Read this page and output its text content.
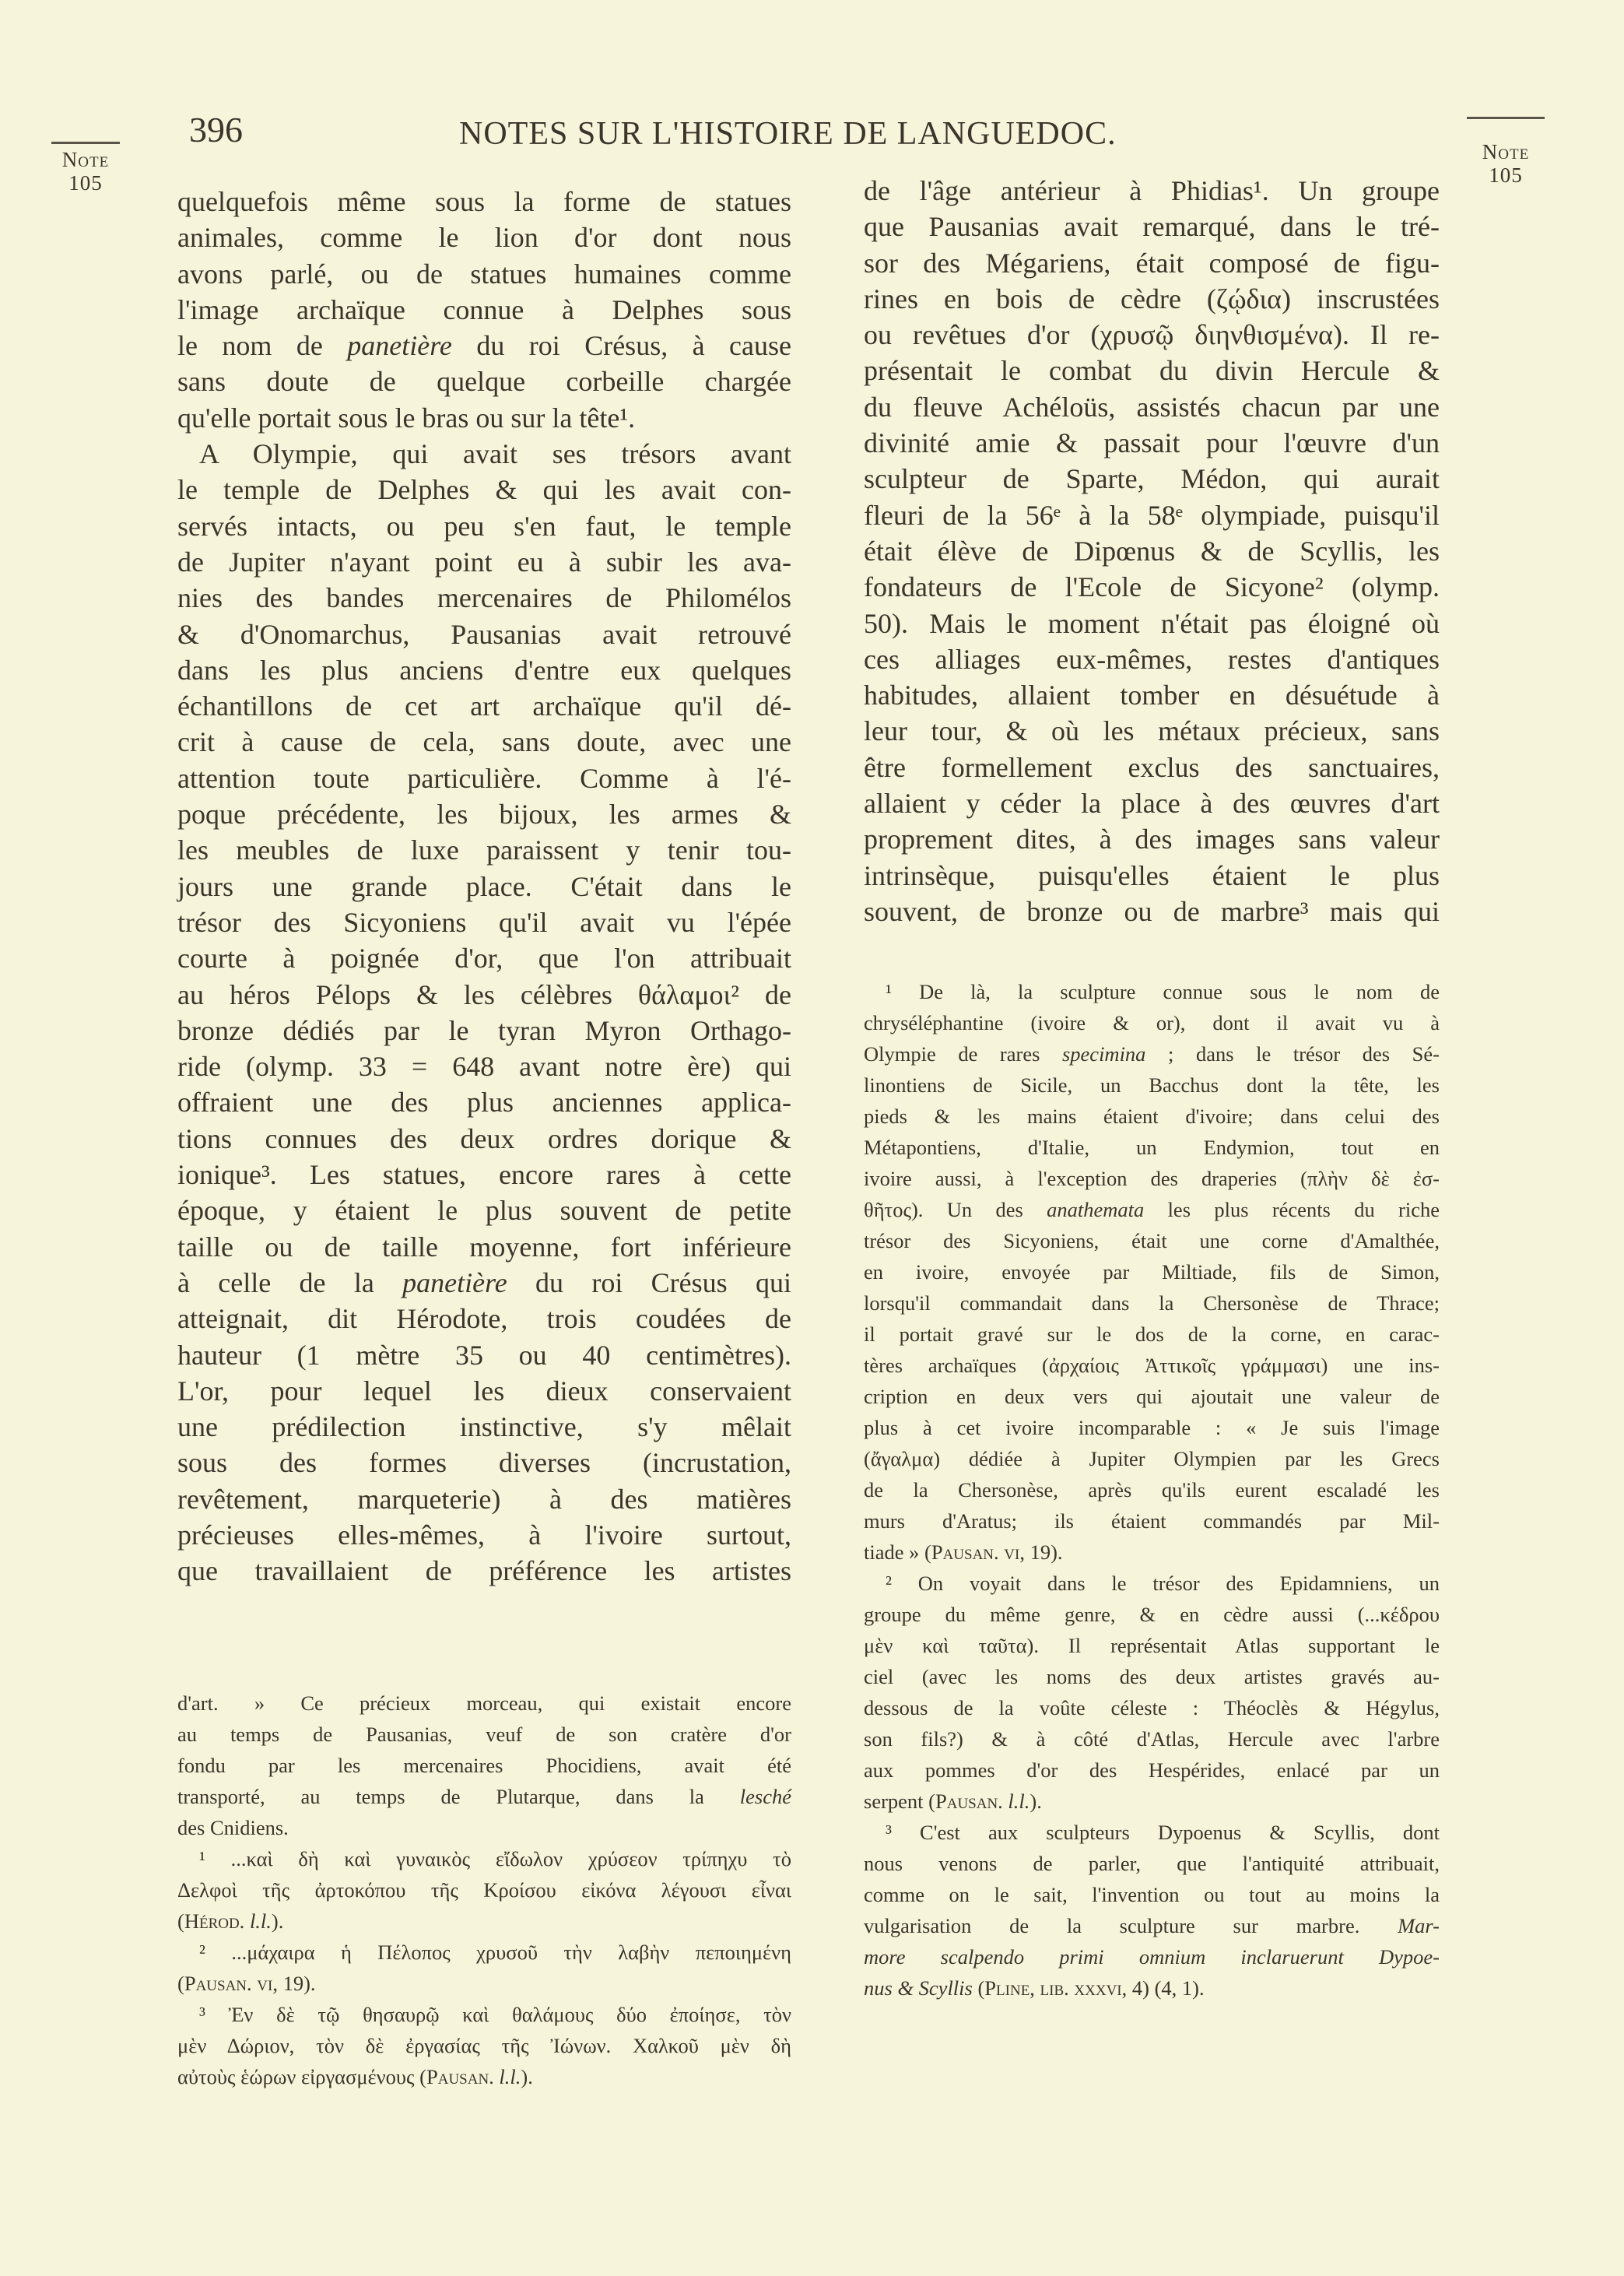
Note
105
396	NOTES SUR L'HISTOIRE DE LANGUEDOC.	Note
105
quelquefois même sous la forme de statues
animales, comme le lion d'or dont nous
avons parlé, ou de statues humaines comme
l'image archaïque connue à Delphes sous
le nom de panetière du roi Crésus, à cause
sans doute de quelque corbeille chargée
qu'elle portait sous le bras ou sur la tête¹.
A Olympie, qui avait ses trésors avant
le temple de Delphes & qui les avait con-
servés intacts, ou peu s'en faut, le temple
de Jupiter n'ayant point eu à subir les ava-
nies des bandes mercenaires de Philomélos
& d'Onomarchus, Pausanias avait retrouvé
dans les plus anciens d'entre eux quelques
échantillons de cet art archaïque qu'il dé-
crit à cause de cela, sans doute, avec une
attention toute particulière. Comme à l'é-
poque précédente, les bijoux, les armes &
les meubles de luxe paraissent y tenir tou-
jours une grande place. C'était dans le
trésor des Sicyoniens qu'il avait vu l'épée
courte à poignée d'or, que l'on attribuait
au héros Pélops & les célèbres θάλαμοι² de
bronze dédiés par le tyran Myron Orthago-
ride (olymp. 33 = 648 avant notre ère) qui
offraient une des plus anciennes applica-
tions connues des deux ordres dorique &
ionique³. Les statues, encore rares à cette
époque, y étaient le plus souvent de petite
taille ou de taille moyenne, fort inférieure
à celle de la panetière du roi Crésus qui
atteignait, dit Hérodote, trois coudées de
hauteur (1 mètre 35 ou 40 centimètres).
L'or, pour lequel les dieux conservaient
une prédilection instinctive, s'y mêlait
sous des formes diverses (incrustation,
revêtement, marqueterie) à des matières
précieuses elles-mêmes, à l'ivoire surtout,
que travaillaient de préférence les artistes
de l'âge antérieur à Phidias¹. Un groupe
que Pausanias avait remarqué, dans le tré-
sor des Mégariens, était composé de figu-
rines en bois de cèdre (ζῴδια) inscrustées
ou revêtues d'or (χρυσῷ διηνθισμένα). Il re-
présentait le combat du divin Hercule &
du fleuve Achéloüs, assistés chacun par une
divinité amie & passait pour l'œuvre d'un
sculpteur de Sparte, Médon, qui aurait
fleuri de la 56ᵉ à la 58ᵉ olympiade, puisqu'il
était élève de Dipœnus & de Scyllis, les
fondateurs de l'Ecole de Sicyone² (olymp.
50). Mais le moment n'était pas éloigné où
ces alliages eux-mêmes, restes d'antiques
habitudes, allaient tomber en désuétude à
leur tour, & où les métaux précieux, sans
être formellement exclus des sanctuaires,
allaient y céder la place à des œuvres d'art
proprement dites, à des images sans valeur
intrinsèque, puisqu'elles étaient le plus
souvent, de bronze ou de marbre³ mais qui
¹ De là, la sculpture connue sous le nom de
chryséléphantine (ivoire & or), dont il avait vu à
Olympie de rares specimina ; dans le trésor des Sé-
linontiens de Sicile, un Bacchus dont la tête, les
pieds & les mains étaient d'ivoire; dans celui des
Métapontiens, d'Italie, un Endymion, tout en
ivoire aussi, à l'exception des draperies (πλὴν δὲ ἐσ-
θῆτος). Un des anathemata les plus récents du riche
trésor des Sicyoniens, était une corne d'Amalthée,
en ivoire, envoyée par Miltiade, fils de Simon,
lorsqu'il commandait dans la Chersonèse de Thrace;
il portait gravé sur le dos de la corne, en carac-
tères archaïques (ἀρχαίοις Ἀττικοῖς γράμμασι) une ins-
cription en deux vers qui ajoutait une valeur de
plus à cet ivoire incomparable : « Je suis l'image
(ἄγαλμα) dédiée à Jupiter Olympien par les Grecs
de la Chersonèse, après qu'ils eurent escaladé les
murs d'Aratus; ils étaient commandés par Mil-
tiade » (Pausan. vi, 19).
² On voyait dans le trésor des Epidamniens, un
groupe du même genre, & en cèdre aussi (...κέδρου
μὲν καὶ ταῦτα). Il représentait Atlas supportant le
ciel (avec les noms des deux artistes gravés au-
dessous de la voûte céleste : Théoclès & Hégylus,
son fils?) & à côté d'Atlas, Hercule avec l'arbre
aux pommes d'or des Hespérides, enlacé par un
serpent (Pausan. l.l.).
³ C'est aux sculpteurs Dypoenus & Scyllis, dont
nous venons de parler, que l'antiquité attribuait,
comme on le sait, l'invention ou tout au moins la
vulgarisation de la sculpture sur marbre. Mar-
more scalpendo primi omnium inclaruerunt Dypoe-
nus & Scyllis (Pline, lib. xxxvi, 4) (4, 1).
d'art. » Ce précieux morceau, qui existait encore
au temps de Pausanias, veuf de son cratère d'or
fondu par les mercenaires Phocidiens, avait été
transporté, au temps de Plutarque, dans la lesché
des Cnidiens.
¹ ...καὶ δὴ καὶ γυναικὸς εἴδωλον χρύσεον τρίπηχυ τὸ
Δελφοὶ τῆς ἀρτοκόπου τῆς Κροίσου εἰκόνα λέγουσι εἶναι
(Hérod. l.l.).
² ...μάχαιρα ἡ Πέλοπος χρυσοῦ τὴν λαβὴν πεποιημένη
(Pausan. vi, 19).
³ Ἐν δὲ τῷ θησαυρῷ καὶ θαλάμους δύο ἐποίησε, τὸν
μὲν Δώριον, τὸν δὲ ἐργασίας τῆς Ἰώνων. Χαλκοῦ μὲν δὴ
αὐτοὺς ἑώρων εἰργασμένους (Pausan. l.l.).
